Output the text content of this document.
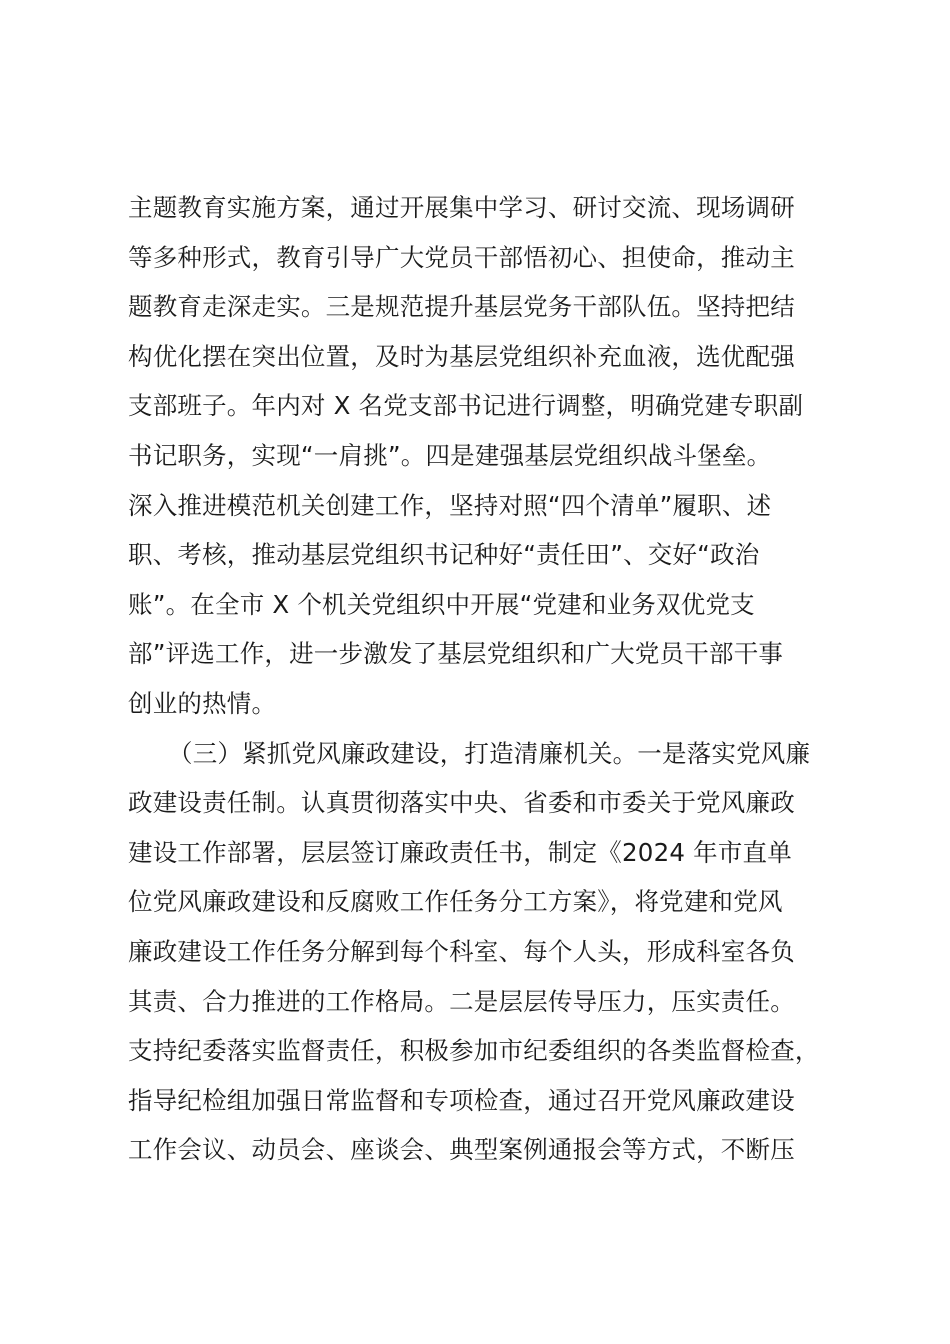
主题教育实施方案，通过开展集中学习、研讨交流、现场调研
等多种形式，教育引导广大党员干部悟初心、担使命，推动主
题教育走深走实。三是规范提升基层党务干部队伍。坚持把结
构优化摆在突出位置，及时为基层党组织补充血液，选优配强
支部班子。年内对 X 名党支部书记进行调整，明确党建专职副
书记职务，实现“一肩挑”。四是建强基层党组织战斗堡垒。
深入推进模范机关创建工作，坚持对照“四个清单”履职、述
职、考核，推动基层党组织书记种好“责任田”、交好“政治
账”。在全市 X 个机关党组织中开展“党建和业务双优党支
部”评选工作，进一步激发了基层党组织和广大党员干部干事
创业的热情。
（三）紧抓党风廉政建设，打造清廉机关。一是落实党风廉
政建设责任制。认真贯彻落实中央、省委和市委关于党风廉政
建设工作部署，层层签订廉政责任书，制定《2024 年市直单
位党风廉政建设和反腐败工作任务分工方案》，将党建和党风
廉政建设工作任务分解到每个科室、每个人头，形成科室各负
其责、合力推进的工作格局。二是层层传导压力，压实责任。
支持纪委落实监督责任，积极参加市纪委组织的各类监督检查，
指导纪检组加强日常监督和专项检查，通过召开党风廉政建设
工作会议、动员会、座谈会、典型案例通报会等方式，不断压
